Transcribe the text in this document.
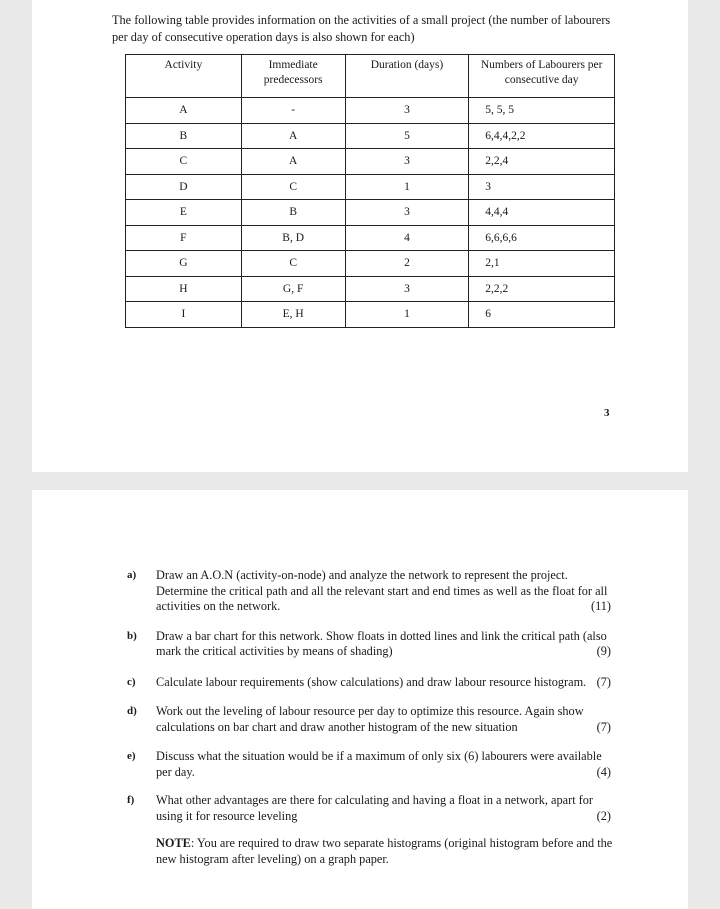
The following table provides information on the activities of a small project (the number of labourers per day of consecutive operation days is also shown for each)

Activity	Immediate predecessors	Duration (days)	Numbers of Labourers per consecutive day
A	-	3	5, 5, 5
B	A	5	6,4,4,2,2
C	A	3	2,2,4
D	C	1	3
E	B	3	4,4,4
F	B, D	4	6,6,6,6
G	C	2	2,1
H	G, F	3	2,2,2
I	E, H	1	6
3
a) Draw an A.O.N (activity-on-node) and analyze the network to represent the project. Determine the critical path and all the relevant start and end times as well as the float for all activities on the network.	(11)
b) Draw a bar chart for this network. Show floats in dotted lines and link the critical path (also mark the critical activities by means of shading)	(9)
c) Calculate labour requirements (show calculations) and draw labour resource histogram. (7)
d) Work out the leveling of labour resource per day to optimize this resource. Again show calculations on bar chart and draw another histogram of the new situation	(7)
e) Discuss what the situation would be if a maximum of only six (6) labourers were available per day.	(4)
f) What other advantages are there for calculating and having a float in a network, apart for using it for resource leveling	(2)

NOTE: You are required to draw two separate histograms (original histogram before and the new histogram after leveling) on a graph paper.
